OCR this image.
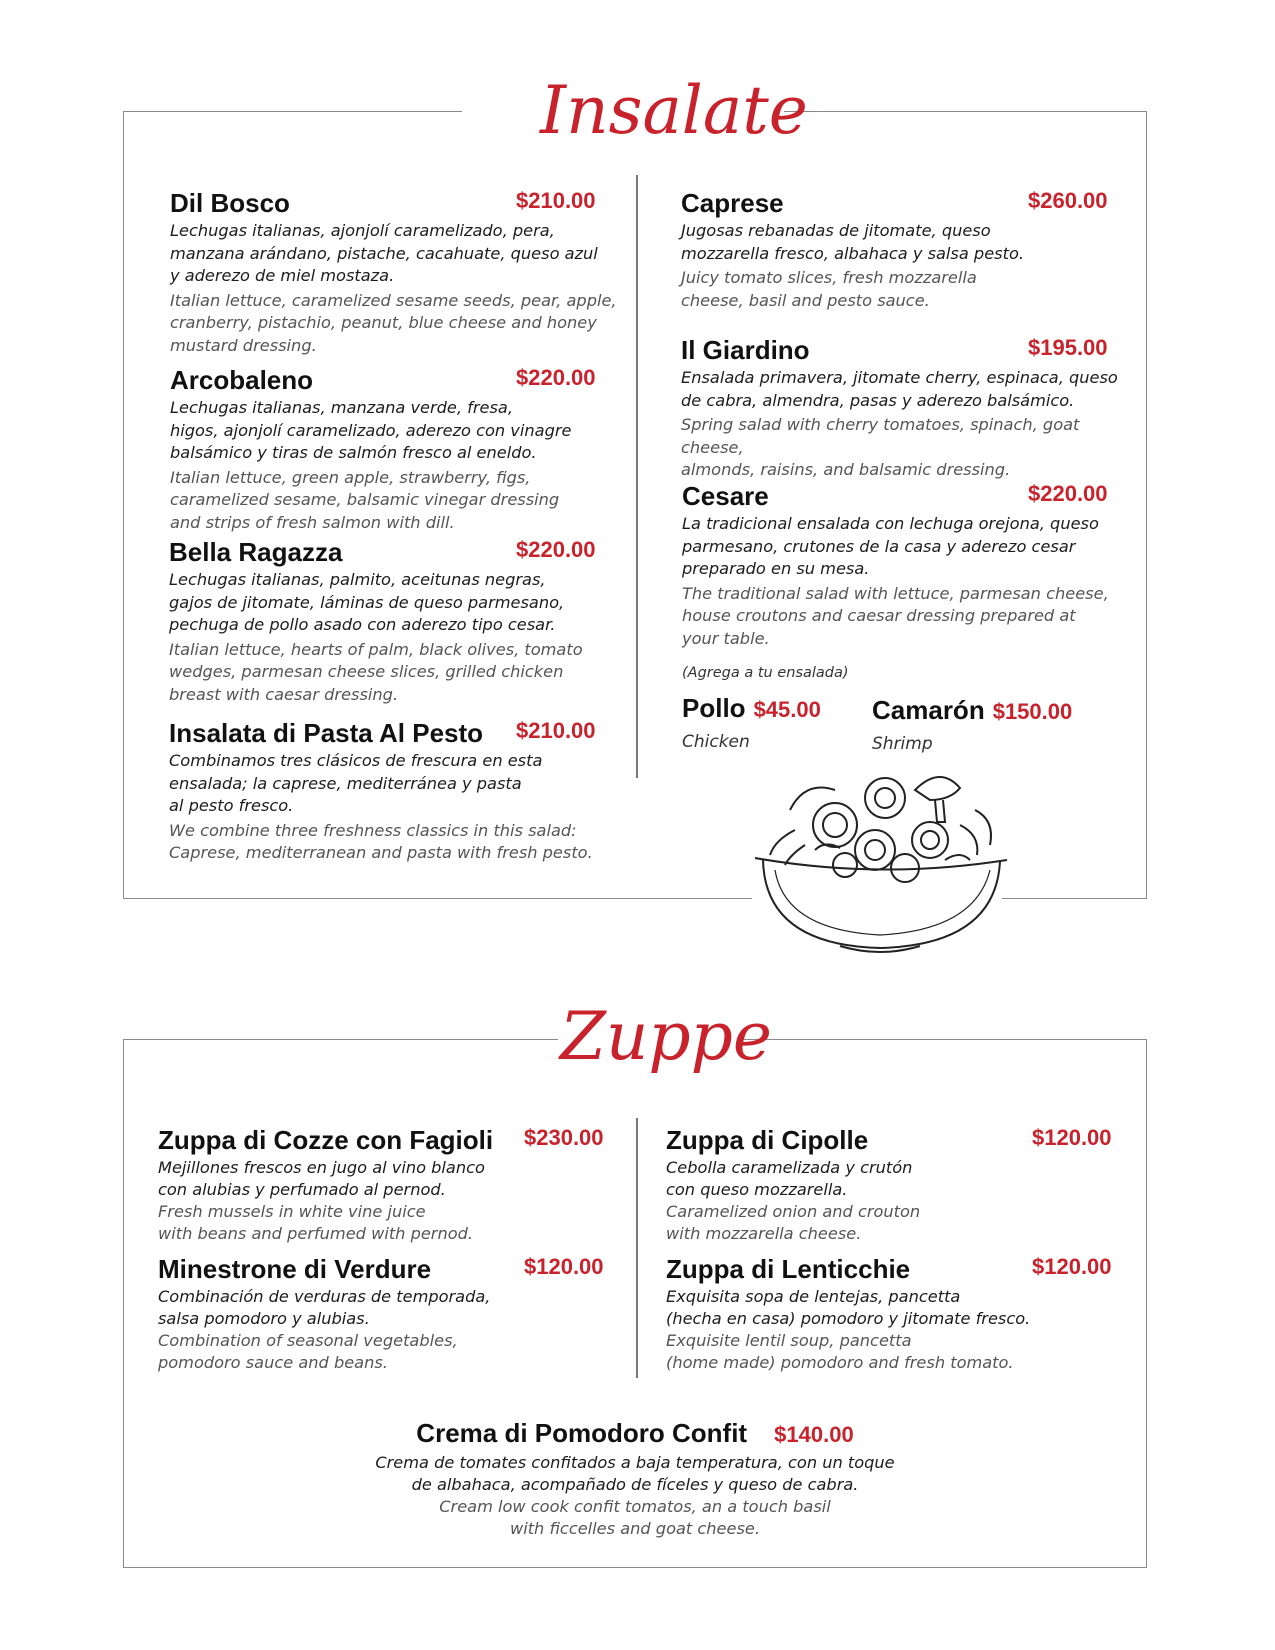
Insalate
Dil Bosco	$210.00
Lechugas italianas, ajonjolí caramelizado, pera,
manzana arándano, pistache, cacahuate, queso azul
y aderezo de miel mostaza.
Italian lettuce, caramelized sesame seeds, pear, apple,
cranberry, pistachio, peanut, blue cheese and honey
mustard dressing.
Arcobaleno	$220.00
Lechugas italianas, manzana verde, fresa,
higos, ajonjolí caramelizado, aderezo con vinagre
balsámico y tiras de salmón fresco al eneldo.
Italian lettuce, green apple, strawberry, figs,
caramelized sesame, balsamic vinegar dressing
and strips of fresh salmon with dill.
Bella Ragazza	$220.00
Lechugas italianas, palmito, aceitunas negras,
gajos de jitomate, láminas de queso parmesano,
pechuga de pollo asado con aderezo tipo cesar.
Italian lettuce, hearts of palm, black olives, tomato
wedges, parmesan cheese slices, grilled chicken
breast with caesar dressing.
Insalata di Pasta Al Pesto $210.00
Combinamos tres clásicos de frescura en esta
ensalada; la caprese, mediterránea y pasta
al pesto fresco.
We combine three freshness classics in this salad:
Caprese, mediterranean and pasta with fresh pesto.
Caprese	$260.00
Jugosas rebanadas de jitomate, queso
mozzarella fresco, albahaca y salsa pesto.
Juicy tomato slices, fresh mozzarella
cheese, basil and pesto sauce.
Il Giardino	$195.00
Ensalada primavera, jitomate cherry, espinaca, queso
de cabra, almendra, pasas y aderezo balsámico.
Spring salad with cherry tomatoes, spinach, goat cheese,
almonds, raisins, and balsamic dressing.
Cesare	$220.00
La tradicional ensalada con lechuga orejona, queso
parmesano, crutones de la casa y aderezo cesar
preparado en su mesa.
The traditional salad with lettuce, parmesan cheese,
house croutons and caesar dressing prepared at
your table.
(Agrega a tu ensalada)
Pollo $45.00
Chicken
Camarón $150.00
Shrimp
Zuppe
Zuppa di Cozze con Fagioli $230.00
Mejillones frescos en jugo al vino blanco
con alubias y perfumado al pernod.
Fresh mussels in white vine juice
with beans and perfumed with pernod.
Minestrone di Verdure	$120.00
Combinación de verduras de temporada,
salsa pomodoro y alubias.
Combination of seasonal vegetables,
pomodoro sauce and beans.
Zuppa di Cipolle	$120.00
Cebolla caramelizada y crutón
con queso mozzarella.
Caramelized onion and crouton
with mozzarella cheese.
Zuppa di Lenticchie	$120.00
Exquisita sopa de lentejas, pancetta
(hecha en casa) pomodoro y jitomate fresco.
Exquisite lentil soup, pancetta
(home made) pomodoro and fresh tomato.
Crema di Pomodoro Confit $140.00
Crema de tomates confitados a baja temperatura, con un toque
de albahaca, acompañado de fíceles y queso de cabra.
Cream low cook confit tomatos, an a touch basil
with ficcelles and goat cheese.
